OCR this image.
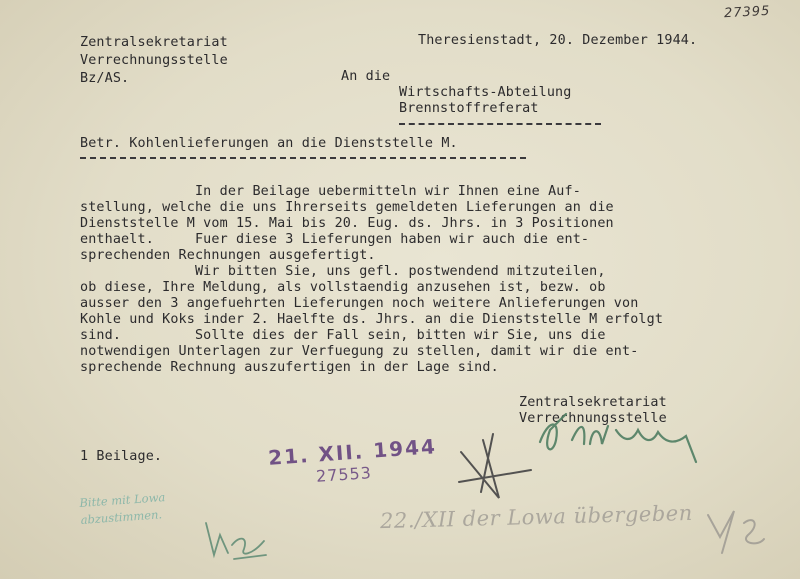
27395
Zentralsekretariat
Verrechnungsstelle
Bz/AS.
Theresienstadt, 20. Dezember 1944.
An die
Wirtschafts-Abteilung
Brennstoffreferat
Betr. Kohlenlieferungen an die Dienststelle M.
In der Beilage uebermitteln wir Ihnen eine Auf-
stellung, welche die uns Ihrerseits gemeldeten Lieferungen an die
Dienststelle M vom 15. Mai bis 20. Eug. ds. Jhrs. in 3 Positionen
enthaelt.     Fuer diese 3 Lieferungen haben wir auch die ent-
sprechenden Rechnungen ausgefertigt.
Wir bitten Sie, uns gefl. postwendend mitzuteilen,
ob diese, Ihre Meldung, als vollstaendig anzusehen ist, bezw. ob
ausser den 3 angefuehrten Lieferungen noch weitere Anlieferungen von
Kohle und Koks inder 2. Haelfte ds. Jhrs. an die Dienststelle M erfolgt
sind.         Sollte dies der Fall sein, bitten wir Sie, uns die
notwendigen Unterlagen zur Verfuegung zu stellen, damit wir die ent-
sprechende Rechnung auszufertigen in der Lage sind.
Zentralsekretariat
Verrechnungsstelle
1 Beilage.	21. XII. 1944
27553
Bitte mit Lowa
abzustimmen.	22./XII der Lowa übergeben
